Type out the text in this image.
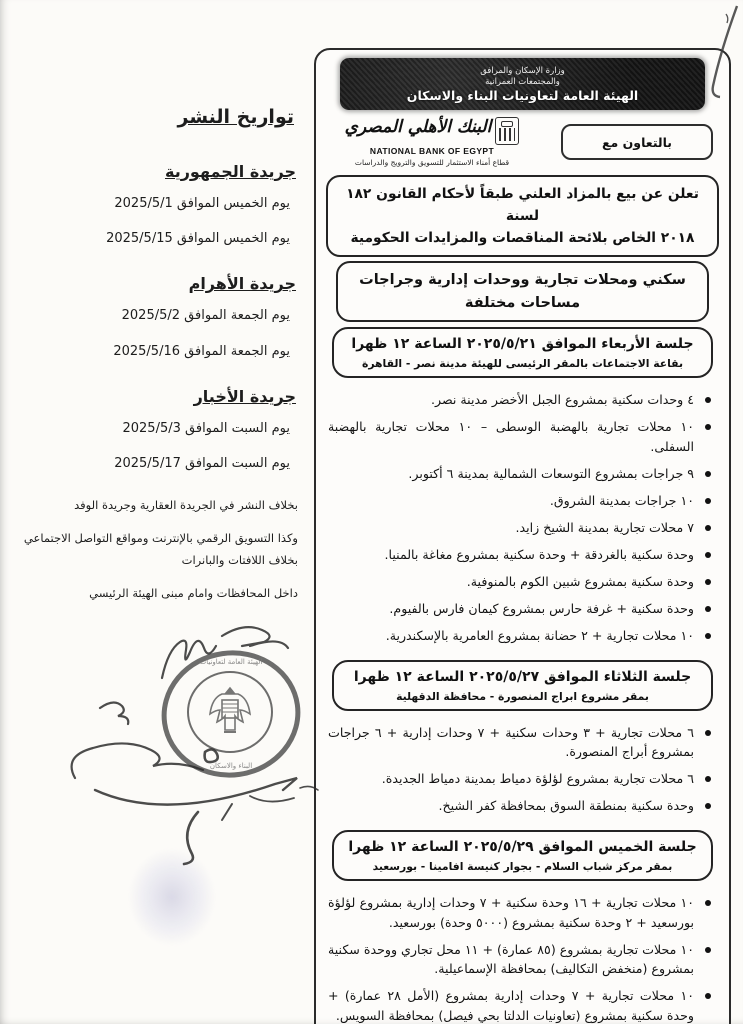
تواريخ النشر
جريدة الجمهورية
يوم الخميس الموافق 2025/5/1
يوم الخميس الموافق 2025/5/15
جريدة الأهرام
يوم الجمعة الموافق 2025/5/2
يوم الجمعة الموافق 2025/5/16
جريدة الأخبار
يوم السبت الموافق 2025/5/3
يوم السبت الموافق 2025/5/17
بخلاف النشر في الجريدة العقارية وجريدة الوفد
وكذا التسويق الرقمي بالإنترنت ومواقع التواصل الاجتماعي بخلاف اللافتات والبانرات
داخل المحافظات وامام مبنى الهيئة الرئيسي
وزارة الإسكان والمرافق
والمجتمعات العمرانية
الهيئة العامة لتعاونيات البناء والاسكان
بالتعاون مع
البنك الأهلي المصري
NATIONAL BANK OF EGYPT
قطاع أمناء الاستثمار للتسويق والترويج والدراسات
تعلن عن بيع بالمزاد العلني طبقاً لأحكام القانون ١٨٢ لسنة
٢٠١٨ الخاص بلائحة المناقصات والمزايدات الحكومية
سكني ومحلات تجارية ووحدات إدارية وجراجات
مساحات مختلفة
جلسة الأربعاء الموافق ٢٠٢٥/٥/٢١ الساعة ١٢ ظهرا
بقاعة الاجتماعات بالمقر الرئيسى للهيئة مدينة نصر - القاهرة
٤ وحدات سكنية بمشروع الجبل الأخضر مدينة نصر.
١٠ محلات تجارية بالهضبة الوسطى – ١٠ محلات تجارية بالهضبة السفلى.
٩ جراجات بمشروع التوسعات الشمالية بمدينة ٦ أكتوبر.
١٠ جراجات بمدينة الشروق.
٧ محلات تجارية بمدينة الشيخ زايد.
وحدة سكنية بالغردقة + وحدة سكنية بمشروع مغاغة بالمنيا.
وحدة سكنية بمشروع شبين الكوم بالمنوفية.
وحدة سكنية + غرفة حارس بمشروع كيمان فارس بالفيوم.
١٠ محلات تجارية + ٢ حضانة بمشروع العامرية بالإسكندرية.
جلسة الثلاثاء الموافق ٢٠٢٥/٥/٢٧ الساعة ١٢ ظهرا
بمقر مشروع ابراج المنصورة - محافظة الدقهلية
٦ محلات تجارية + ٣ وحدات سكنية + ٧ وحدات إدارية + ٦ جراجات بمشروع أبراج المنصورة.
٦ محلات تجارية بمشروع لؤلؤة دمياط بمدينة دمياط الجديدة.
وحدة سكنية بمنطقة السوق بمحافظة كفر الشيخ.
جلسة الخميس الموافق ٢٠٢٥/٥/٢٩ الساعة ١٢ ظهرا
بمقر مركز شباب السلام - بجوار كنيسة افامينا - بورسعيد
١٠ محلات تجارية + ١٦ وحدة سكنية + ٧ وحدات إدارية بمشروع لؤلؤة بورسعيد + ٢ وحدة سكنية بمشروع (٥٠٠٠ وحدة) بورسعيد.
١٠ محلات تجارية بمشروع (٨٥ عمارة) + ١١ محل تجاري ووحدة سكنية بمشروع (منخفض التكاليف) بمحافظة الإسماعيلية.
١٠ محلات تجارية + ٧ وحدات إدارية بمشروع (الأمل ٢٨ عمارة) + وحدة سكنية بمشروع (تعاونيات الدلتا بحي فيصل) بمحافظة السويس.
الهيئة العامة لتعاونيات
البناء والاسكان
